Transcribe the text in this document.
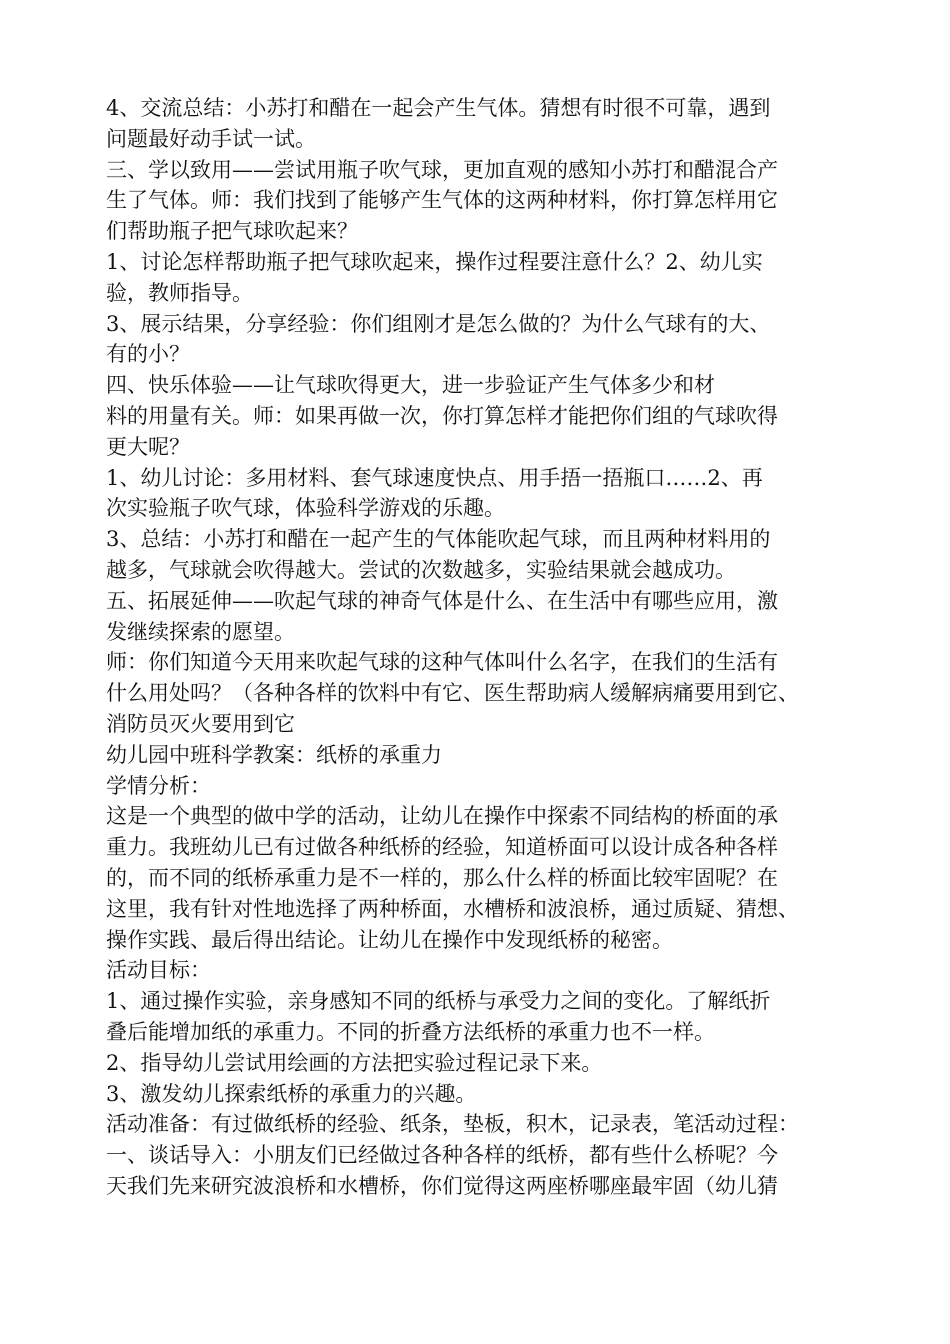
4、交流总结：小苏打和醋在一起会产生气体。猜想有时很不可靠，遇到
问题最好动手试一试。
三、学以致用——尝试用瓶子吹气球，更加直观的感知小苏打和醋混合产
生了气体。师：我们找到了能够产生气体的这两种材料，你打算怎样用它
们帮助瓶子把气球吹起来？
1、讨论怎样帮助瓶子把气球吹起来，操作过程要注意什么？2、幼儿实
验，教师指导。
3、展示结果，分享经验：你们组刚才是怎么做的？为什么气球有的大、
有的小？
四、快乐体验——让气球吹得更大，进一步验证产生气体多少和材
料的用量有关。师：如果再做一次，你打算怎样才能把你们组的气球吹得
更大呢？
1、幼儿讨论：多用材料、套气球速度快点、用手捂一捂瓶口……2、再
次实验瓶子吹气球，体验科学游戏的乐趣。
3、总结：小苏打和醋在一起产生的气体能吹起气球，而且两种材料用的
越多，气球就会吹得越大。尝试的次数越多，实验结果就会越成功。
五、拓展延伸——吹起气球的神奇气体是什么、在生活中有哪些应用，激
发继续探索的愿望。
师：你们知道今天用来吹起气球的这种气体叫什么名字，在我们的生活有
什么用处吗？（各种各样的饮料中有它、医生帮助病人缓解病痛要用到它、
消防员灭火要用到它
幼儿园中班科学教案：纸桥的承重力
学情分析：
这是一个典型的做中学的活动，让幼儿在操作中探索不同结构的桥面的承
重力。我班幼儿已有过做各种纸桥的经验，知道桥面可以设计成各种各样
的，而不同的纸桥承重力是不一样的，那么什么样的桥面比较牢固呢？在
这里，我有针对性地选择了两种桥面，水槽桥和波浪桥，通过质疑、猜想、
操作实践、最后得出结论。让幼儿在操作中发现纸桥的秘密。
活动目标：
1、通过操作实验，亲身感知不同的纸桥与承受力之间的变化。了解纸折
叠后能增加纸的承重力。不同的折叠方法纸桥的承重力也不一样。
2、指导幼儿尝试用绘画的方法把实验过程记录下来。
3、激发幼儿探索纸桥的承重力的兴趣。
活动准备：有过做纸桥的经验、纸条，垫板，积木，记录表，笔活动过程：
一、谈话导入：小朋友们已经做过各种各样的纸桥，都有些什么桥呢？今
天我们先来研究波浪桥和水槽桥，你们觉得这两座桥哪座最牢固（幼儿猜
